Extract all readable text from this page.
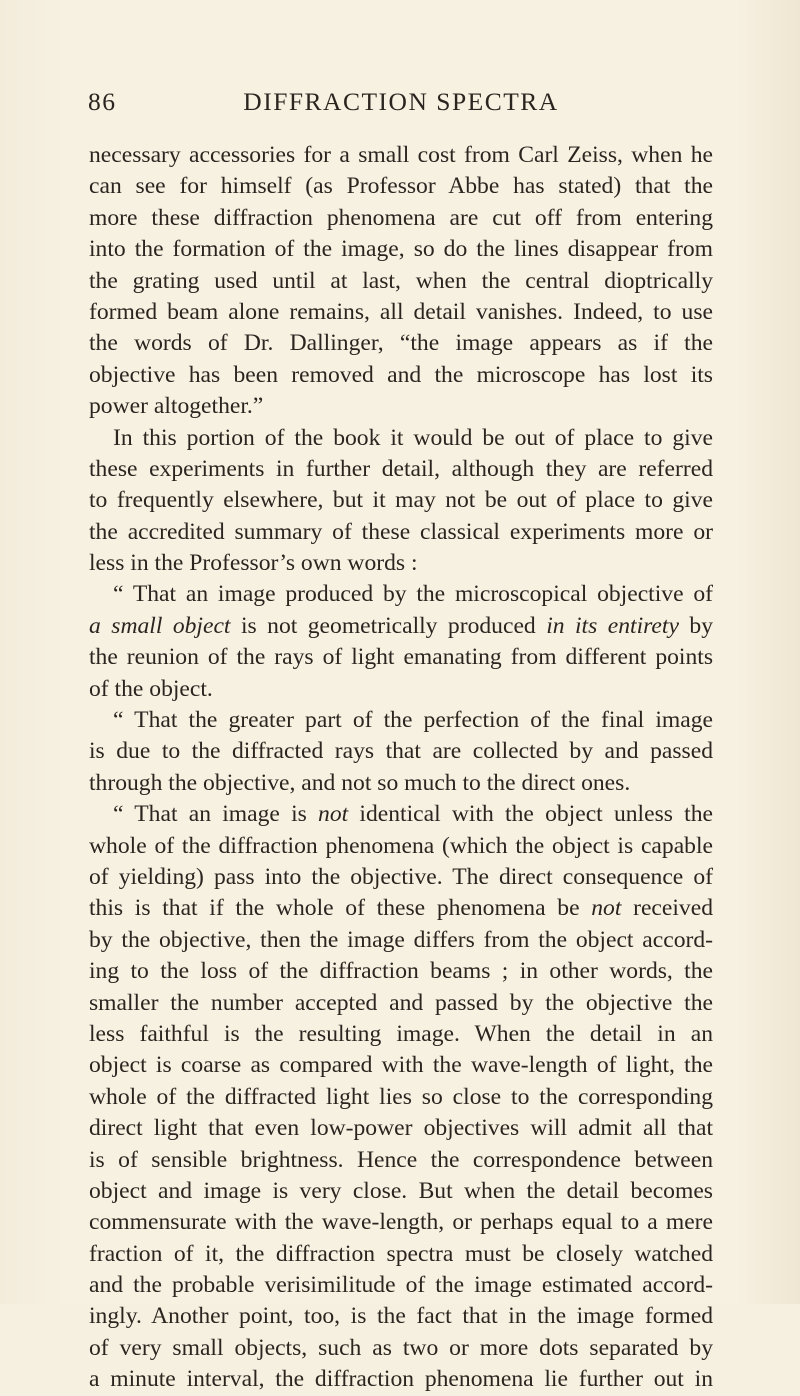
86	DIFFRACTION SPECTRA
necessary accessories for a small cost from Carl Zeiss, when he
can see for himself (as Professor Abbe has stated) that the
more these diffraction phenomena are cut off from entering
into the formation of the image, so do the lines disappear from
the grating used until at last, when the central dioptrically
formed beam alone remains, all detail vanishes. Indeed, to use
the words of Dr. Dallinger, “the image appears as if the
objective has been removed and the microscope has lost its
power altogether.”
In this portion of the book it would be out of place to give
these experiments in further detail, although they are referred
to frequently elsewhere, but it may not be out of place to give
the accredited summary of these classical experiments more or
less in the Professor’s own words :
“ That an image produced by the microscopical objective of
a small object is not geometrically produced in its entirety by
the reunion of the rays of light emanating from different points
of the object.
“ That the greater part of the perfection of the final image
is due to the diffracted rays that are collected by and passed
through the objective, and not so much to the direct ones.
“ That an image is not identical with the object unless the
whole of the diffraction phenomena (which the object is capable
of yielding) pass into the objective. The direct consequence of
this is that if the whole of these phenomena be not received
by the objective, then the image differs from the object accord-
ing to the loss of the diffraction beams ; in other words, the
smaller the number accepted and passed by the objective the
less faithful is the resulting image. When the detail in an
object is coarse as compared with the wave-length of light, the
whole of the diffracted light lies so close to the corresponding
direct light that even low-power objectives will admit all that
is of sensible brightness. Hence the correspondence between
object and image is very close. But when the detail becomes
commensurate with the wave-length, or perhaps equal to a mere
fraction of it, the diffraction spectra must be closely watched
and the probable verisimilitude of the image estimated accord-
ingly. Another point, too, is the fact that in the image formed
of very small objects, such as two or more dots separated by
a minute interval, the diffraction phenomena lie further out in
